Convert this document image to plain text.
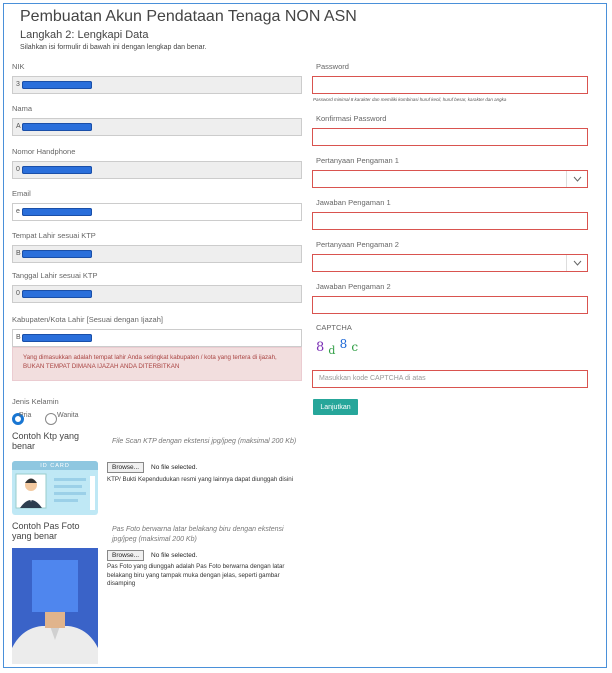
Pembuatan Akun Pendataan Tenaga NON ASN
Langkah 2: Lengkapi Data
Silahkan isi formulir di bawah ini dengan lengkap dan benar.
NIK
3
Nama
A
Nomor Handphone
0
Email
e
Tempat Lahir sesuai KTP
B
Tanggal Lahir sesuai KTP
0
Kabupaten/Kota Lahir [Sesuai dengan Ijazah]
B
Yang dimasukkan adalah tempat lahir Anda setingkat kabupaten / kota yang tertera di ijazah, BUKAN TEMPAT DIMANA IJAZAH ANDA DITERBITKAN
Jenis Kelamin
Pria	Wanita
Contoh Ktp yang benar
ID CARD
File Scan KTP dengan ekstensi jpg/jpeg (maksimal 200 Kb)
Browse...	No file selected.
KTP/ Bukti Kependudukan resmi yang lainnya dapat diunggah disini
Contoh Pas Foto yang benar
Pas Foto berwarna latar belakang biru dengan ekstensi jpg/jpeg (maksimal 200 Kb)
Browse...	No file selected.
Pas Foto yang diunggah adalah Pas Foto berwarna dengan latar belakang biru yang tampak muka dengan jelas, seperti gambar disamping
Password
Password minimal 8 karakter dan memiliki kombinasi huruf kecil, huruf besar, karakter dan angka
Konfirmasi Password
Pertanyaan Pengaman 1
Jawaban Pengaman 1
Pertanyaan Pengaman 2
Jawaban Pengaman 2
CAPTCHA
8 $_d$ 8 c
Masukkan kode CAPTCHA di atas
Lanjutkan
